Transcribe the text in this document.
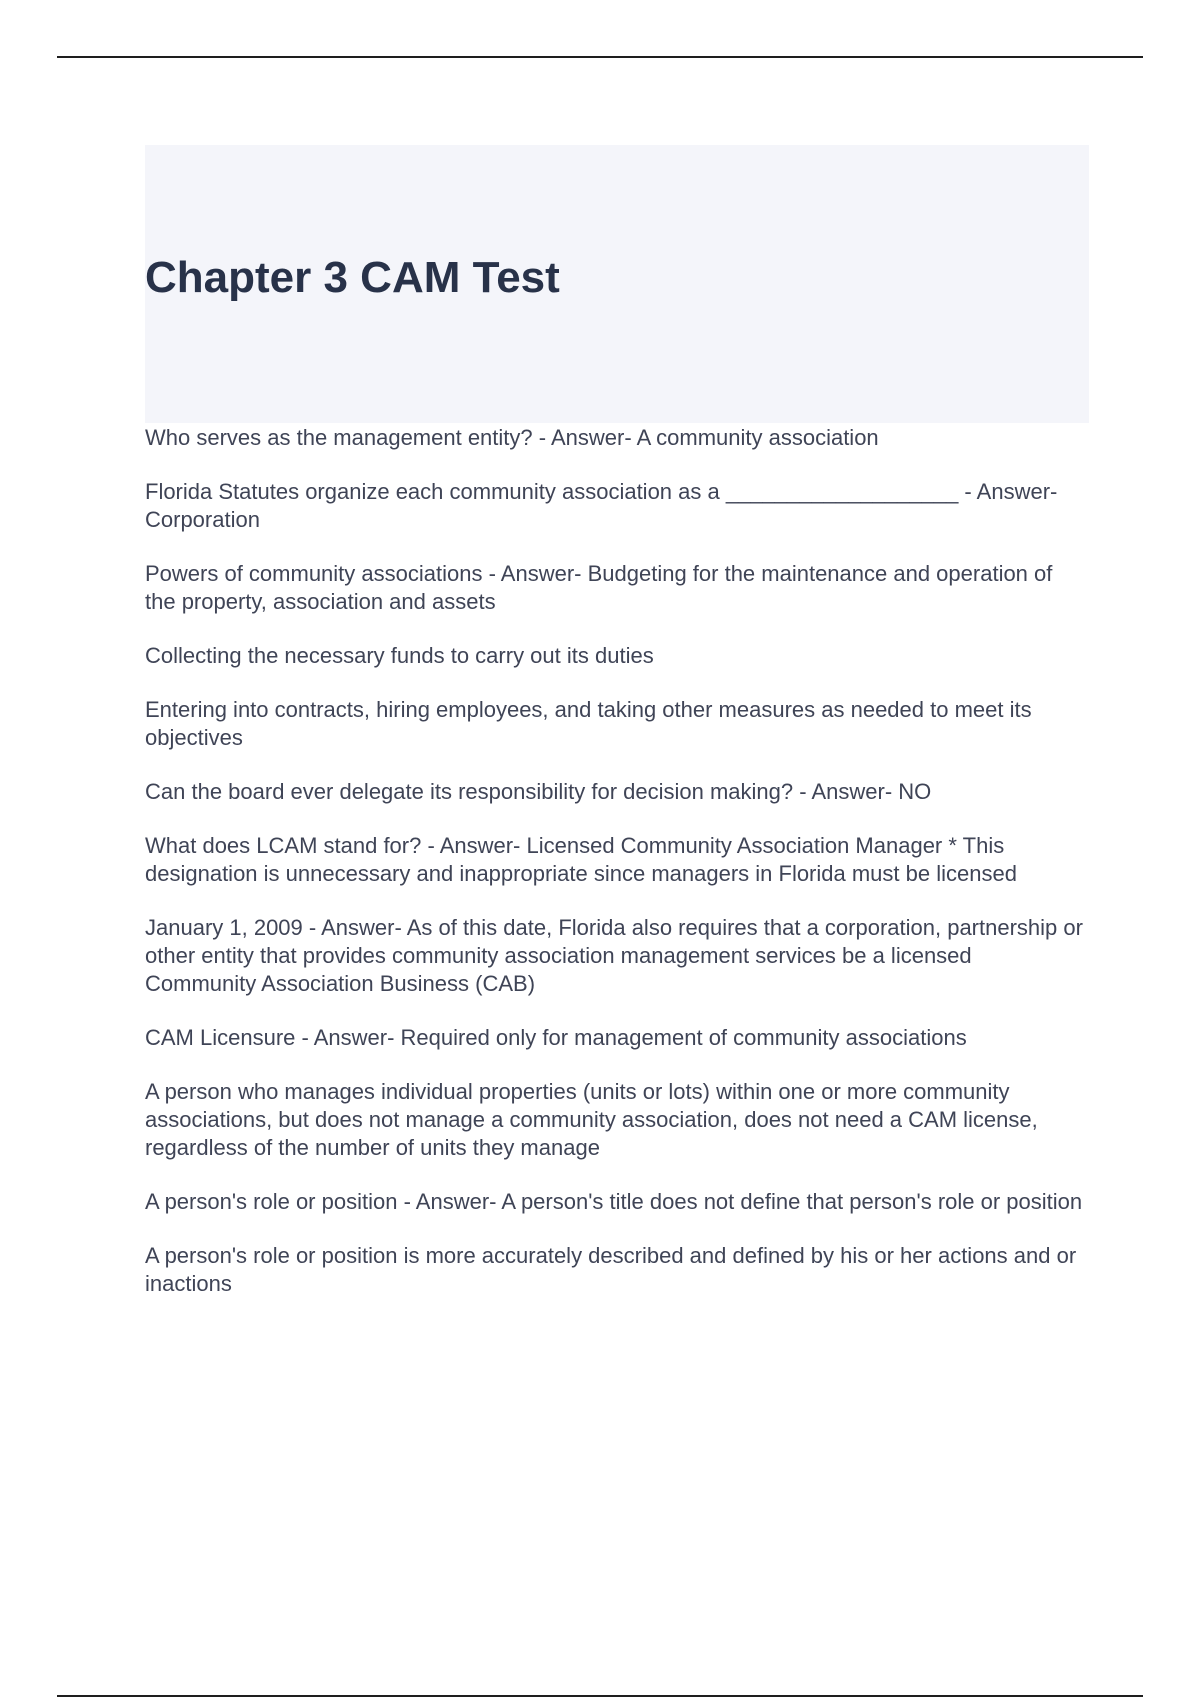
Chapter 3 CAM Test
Who serves as the management entity? - Answer- A community association
Florida Statutes organize each community association as a ___________________ - Answer- Corporation
Powers of community associations - Answer- Budgeting for the maintenance and operation of the property, association and assets
Collecting the necessary funds to carry out its duties
Entering into contracts, hiring employees, and taking other measures as needed to meet its objectives
Can the board ever delegate its responsibility for decision making? - Answer- NO
What does LCAM stand for? - Answer- Licensed Community Association Manager * This designation is unnecessary and inappropriate since managers in Florida must be licensed
January 1, 2009 - Answer- As of this date, Florida also requires that a corporation, partnership or other entity that provides community association management services be a licensed Community Association Business (CAB)
CAM Licensure - Answer- Required only for management of community associations
A person who manages individual properties (units or lots) within one or more community associations, but does not manage a community association, does not need a CAM license, regardless of the number of units they manage
A person's role or position - Answer- A person's title does not define that person's role or position
A person's role or position is more accurately described and defined by his or her actions and or inactions
